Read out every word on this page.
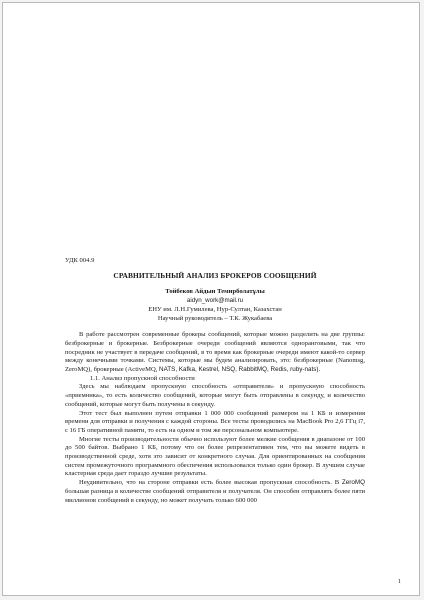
УДК 004.9

СРАВНИТЕЛЬНЫЙ АНАЛИЗ БРОКЕРОВ СООБЩЕНИЙ

Тойбеков Айдын Темирболатұлы

aidyn_work@mail.ru

ЕНУ им. Л.Н.Гумилева, Нур-Султан, Казахстан

Научный руководитель – Т.К. Жукабаева

В работе рассмотрен современные брокеры сообщений, которые можно разделить на две группы: безброкерные и брокерные. Безброкерные очереди сообщений являются одноранговыми, так что посредник не участвует в передаче сообщений, в то время как брокерные очереди имеют какой-то сервер между конечными точками. Системы, которые мы будем анализировать, это: безброкерные (Nanomsg, ZeroMQ), брокерные (ActiveMQ, NATS, Kafka, Kestrel, NSQ, RabbitMQ, Redis, ruby-nats).

1.1. Анализ пропускной способности

Здесь мы наблюдаем пропускную способность «отправителя» и пропускную способность «приемника», то есть количество сообщений, которые могут быть отправлены в секунду, и количество сообщений, которые могут быть получены в секунду.

Этот тест был выполнен путем отправки 1 000 000 сообщений размером на 1 КБ и измерения времени для отправки и получения с каждой стороны. Все тесты проводились на MacBook Pro 2,6 ГГц i7, с 16 ГБ оперативной памяти, то есть на одном и том же персональном компьютере.

Многие тесты производительности обычно используют более мелкие сообщения в диапазоне от 100 до 500 байтов. Выбрано 1 КБ, потому что он более репрезентативен тем, что вы можете видеть в производственной среде, хотя это зависит от конкретного случая. Для ориентированных на сообщения систем промежуточного программного обеспечения использовался только один брокер. В лучшем случае кластерная среда дает гораздо лучшие результаты.

Неудивительно, что на стороне отправки есть более высокая пропускная способность. В ZeroMQ большая разница в количестве сообщений отправителя и получателя. Он способен отправлять более пяти миллионов сообщений в секунду, но может получать только 600 000

1
